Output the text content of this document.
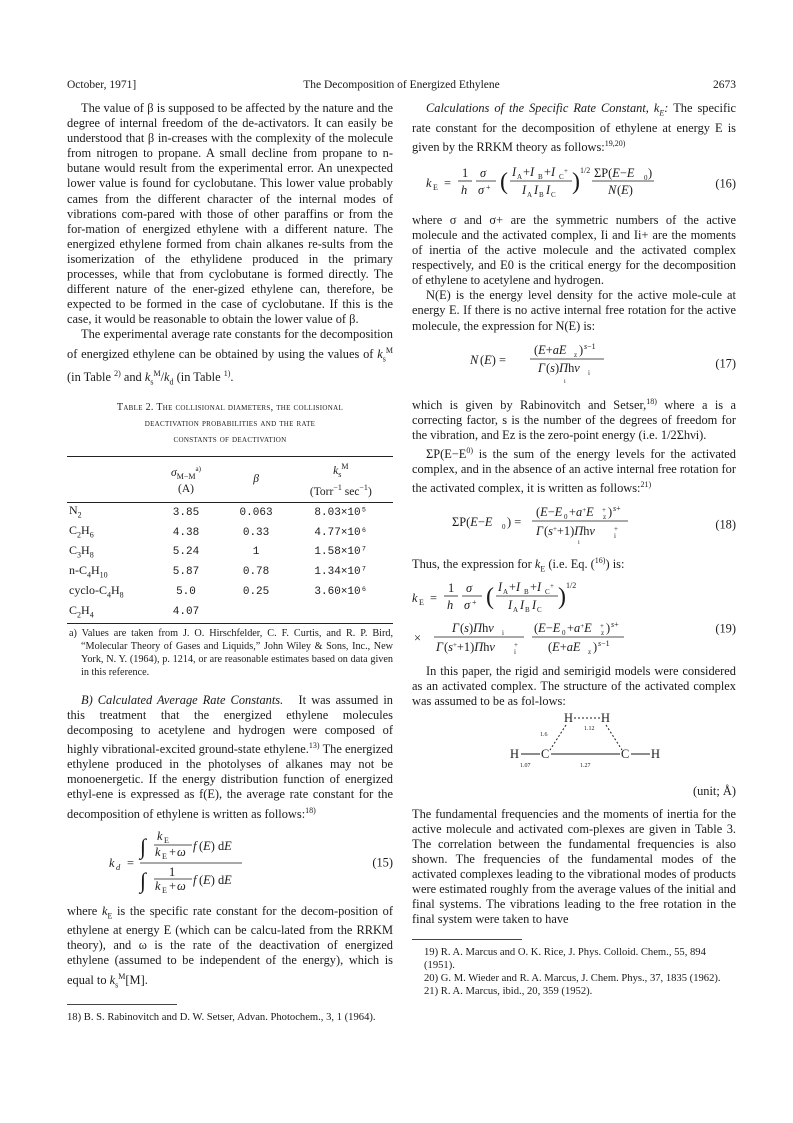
October, 1971]	The Decomposition of Energized Ethylene	2673

The value of β is supposed to be affected by the nature and the degree of internal freedom of the de-activators. It can easily be understood that β in-creases with the complexity of the molecule from nitrogen to propane. A small decline from propane to n-butane would result from the experimental error. An unexpected lower value is found for cyclobutane. This lower value probably cames from the different character of the internal modes of vibrations com-pared with those of other paraffins or from the for-mation of energized ethylene with a different nature. The energized ethylene formed from chain alkanes re-sults from the isomerization of the ethylidene produced in the primary processes, while that from cyclobutane is formed directly. The different nature of the ener-gized ethylene can, therefore, be expected to be formed in the case of cyclobutane. If this is the case, it would be reasonable to obtain the lower value of β.

The experimental average rate constants for the decomposition of energized ethylene can be obtained by using the values of $k_s^M$ (in Table $^{2)}$ and $k_s^M/k_d$ (in Table $^{1)}$.

Table 2. The collisional diameters, the collisional
deactivation probabilities and the rate
constants of deactivation
	$\sigma_{M-M}^{a)}$
(A)	β	$k_s^M$
(Torr$^{-1}$ $\sec^{-1}$)
$N_2$	3.85	0.063	8.03×10⁵
$C_2H_6$	4.38	0.33	4.77×10⁶
$C_3H_8$	5.24	1	1.58×10⁷
$n-C_4H_{10}$	5.87	0.78	1.34×10⁷
cyclo-$C_4H_8$	5.0	0.25	3.60×10⁶
$C_2H_4$	4.07		
a) Values are taken from J. O. Hirschfelder, C. F. Curtis, and R. P. Bird, “Molecular Theory of Gases and Liquids,” John Wiley & Sons, Inc., New York, N. Y. (1964), p. 1214, or are reasonable estimates based on data given in this reference.

B) Calculated Average Rate Constants. It was assumed in this treatment that the energized ethylene molecules decomposing to acetylene and hydrogen were composed of highly vibrational-excited ground-state ethylene.$^{13)}$ The energized ethylene produced in the photolyses of alkanes may not be monoenergetic. If the energy distribution function of energized ethyl-ene is expressed as f(E), the average rate constant for the decomposition of ethylene is written as follows:$^{18)}$

k d =
∫ k E
k E + ω f (E) dE
∫ 1
k E + ω f (E) dE
(15)

where $k_E$ is the specific rate constant for the decom-position of ethylene at energy E (which can be calcu-lated from the RRKM theory), and ω is the rate of the deactivation of energized ethylene (assumed to be independent of the energy), which is equal to $k_s^M[M]$.

18) B. S. Rabinovitch and D. W. Setser, Advan. Photochem., 3, 1 (1964).

Calculations of the Specific Rate Constant, $k_E$: The specific rate constant for the decomposition of ethylene at energy E is given by the RRKM theory as follows:$^{19,20)}$

k E =
1
h
σ
σ + ( I A +I B +I C
+
I A I B I C ) 1/2 ΣP(E−E 0 )
N (E)	(16)

where σ and σ+ are the symmetric numbers of the active molecule and the activated complex, Ii and Ii+ are the moments of inertia of the active molecule and the activated complex respectively, and E0 is the critical energy for the decomposition of ethylene to acetylene and hydrogen.

N(E) is the energy level density for the active mole-cule at energy E. If there is no active internal free rotation for the active molecule, the expression for N(E) is:

N (E) =
(E+aE z ) s−1
Γ (s)Πhν i
i
(17)

which is given by Rabinovitch and Setser,$^{18)}$ where a is a correcting factor, s is the number of the degrees of freedom for the vibration, and Ez is the zero-point energy (i.e. 1/2Σhνi).

$\Sigma P(E-E^{0)}$ is the sum of the energy levels for the activated complex, and in the absence of an active internal free rotation for the activated complex, it is written as follows:$^{21)}$

ΣP(E−E 0 ) =
(E−E 0 +a+E z
+ ) s+
Γ (s++1)Πhν	i
+
i
(18)

Thus, the expression for $k_E$ (i.e. Eq. ($^{16)}$) is:

k E =
1
h
σ
σ + ( I A +I B +I C
+
I A I B I C ) 1/2
×
Γ (s)Πhν i
Γ (s++1)Πhν	i
+
(E−E 0 +a+E z
+ ) s+
(E+aE z ) s−1
(19)

In this paper, the rigid and semirigid models were considered as an activated complex. The structure of the activated complex was assumed to be as fol-lows:

H H
1.12
1.6
H C	C H
1.07	1.27
(unit; Å)

The fundamental frequencies and the moments of inertia for the active molecule and activated com-plexes are given in Table 3. The correlation between the fundamental frequencies is also shown. The frequencies of the fundamental modes of the activated complexes leading to the vibrational modes of products were estimated roughly from the average values of the initial and final systems. The vibrations leading to the free rotation in the final system were taken to have

19) R. A. Marcus and O. K. Rice, J. Phys. Colloid. Chem., 55, 894 (1951).
20) G. M. Wieder and R. A. Marcus, J. Chem. Phys., 37, 1835 (1962).
21) R. A. Marcus, ibid., 20, 359 (1952).
